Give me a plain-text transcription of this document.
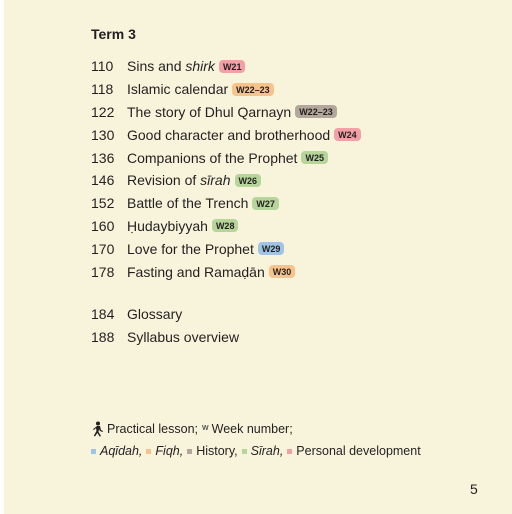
Term 3
110 Sins and shirk W21
118 Islamic calendar W22–23
122 The story of Dhul Qarnayn W22–23
130 Good character and brotherhood W24
136 Companions of the Prophet W25
146 Revision of sīrah W26
152 Battle of the Trench W27
160 Ḥudaybiyyah W28
170 Love for the Prophet W29
178 Fasting and Ramaḍān W30
184 Glossary
188 Syllabus overview
Practical lesson; W Week number;
Aqīdah, Fiqh, History, Sīrah, Personal development
5
